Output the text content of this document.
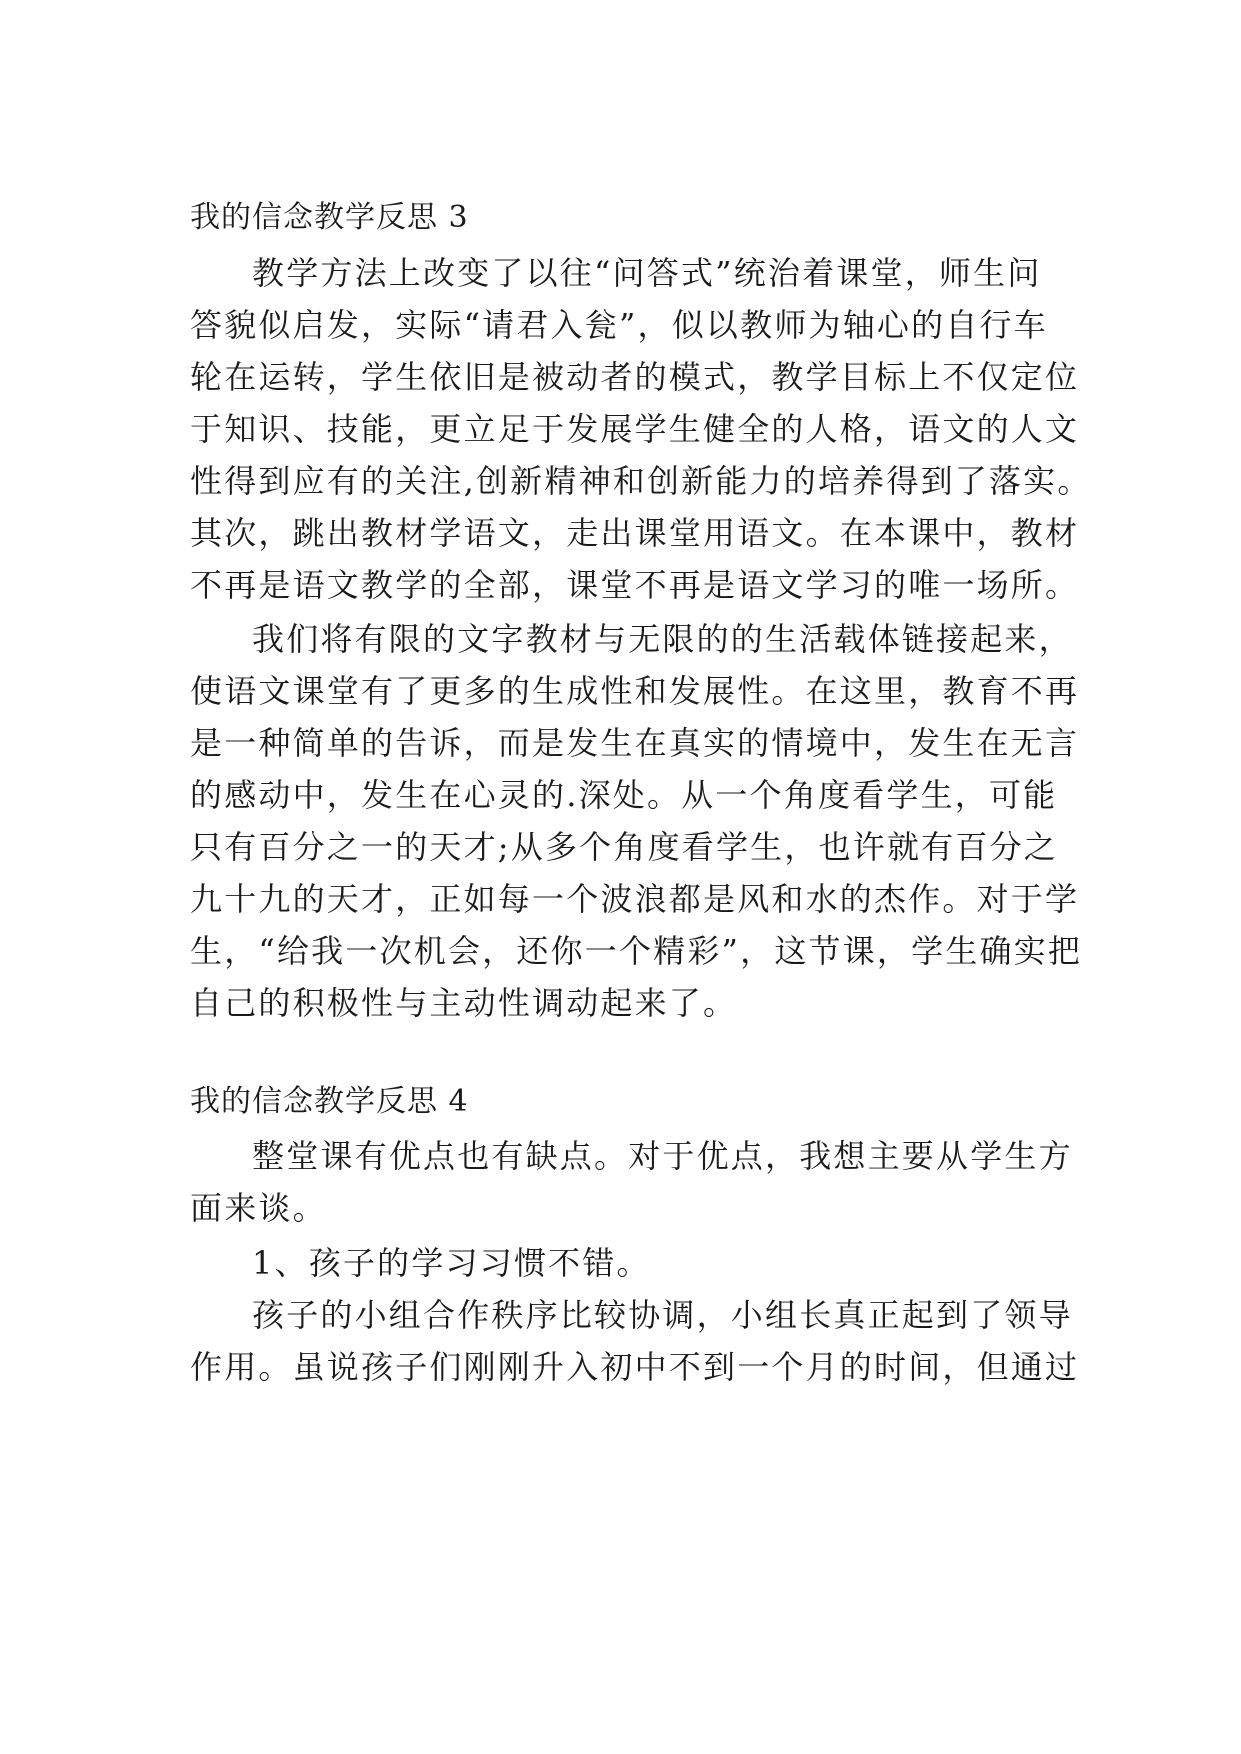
我的信念教学反思 3
教学方法上改变了以往“问答式”统治着课堂，师生问
答貌似启发，实际“请君入瓮”，似以教师为轴心的自行车
轮在运转，学生依旧是被动者的模式，教学目标上不仅定位
于知识、技能，更立足于发展学生健全的人格，语文的人文
性得到应有的关注,创新精神和创新能力的培养得到了落实。
其次，跳出教材学语文，走出课堂用语文。在本课中，教材
不再是语文教学的全部，课堂不再是语文学习的唯一场所。
我们将有限的文字教材与无限的的生活载体链接起来，
使语文课堂有了更多的生成性和发展性。在这里，教育不再
是一种简单的告诉，而是发生在真实的情境中，发生在无言
的感动中，发生在心灵的.深处。从一个角度看学生，可能
只有百分之一的天才;从多个角度看学生，也许就有百分之
九十九的天才，正如每一个波浪都是风和水的杰作。对于学
生，“给我一次机会，还你一个精彩”，这节课，学生确实把
自己的积极性与主动性调动起来了。
我的信念教学反思 4
整堂课有优点也有缺点。对于优点，我想主要从学生方
面来谈。
1、孩子的学习习惯不错。
孩子的小组合作秩序比较协调，小组长真正起到了领导
作用。虽说孩子们刚刚升入初中不到一个月的时间，但通过
